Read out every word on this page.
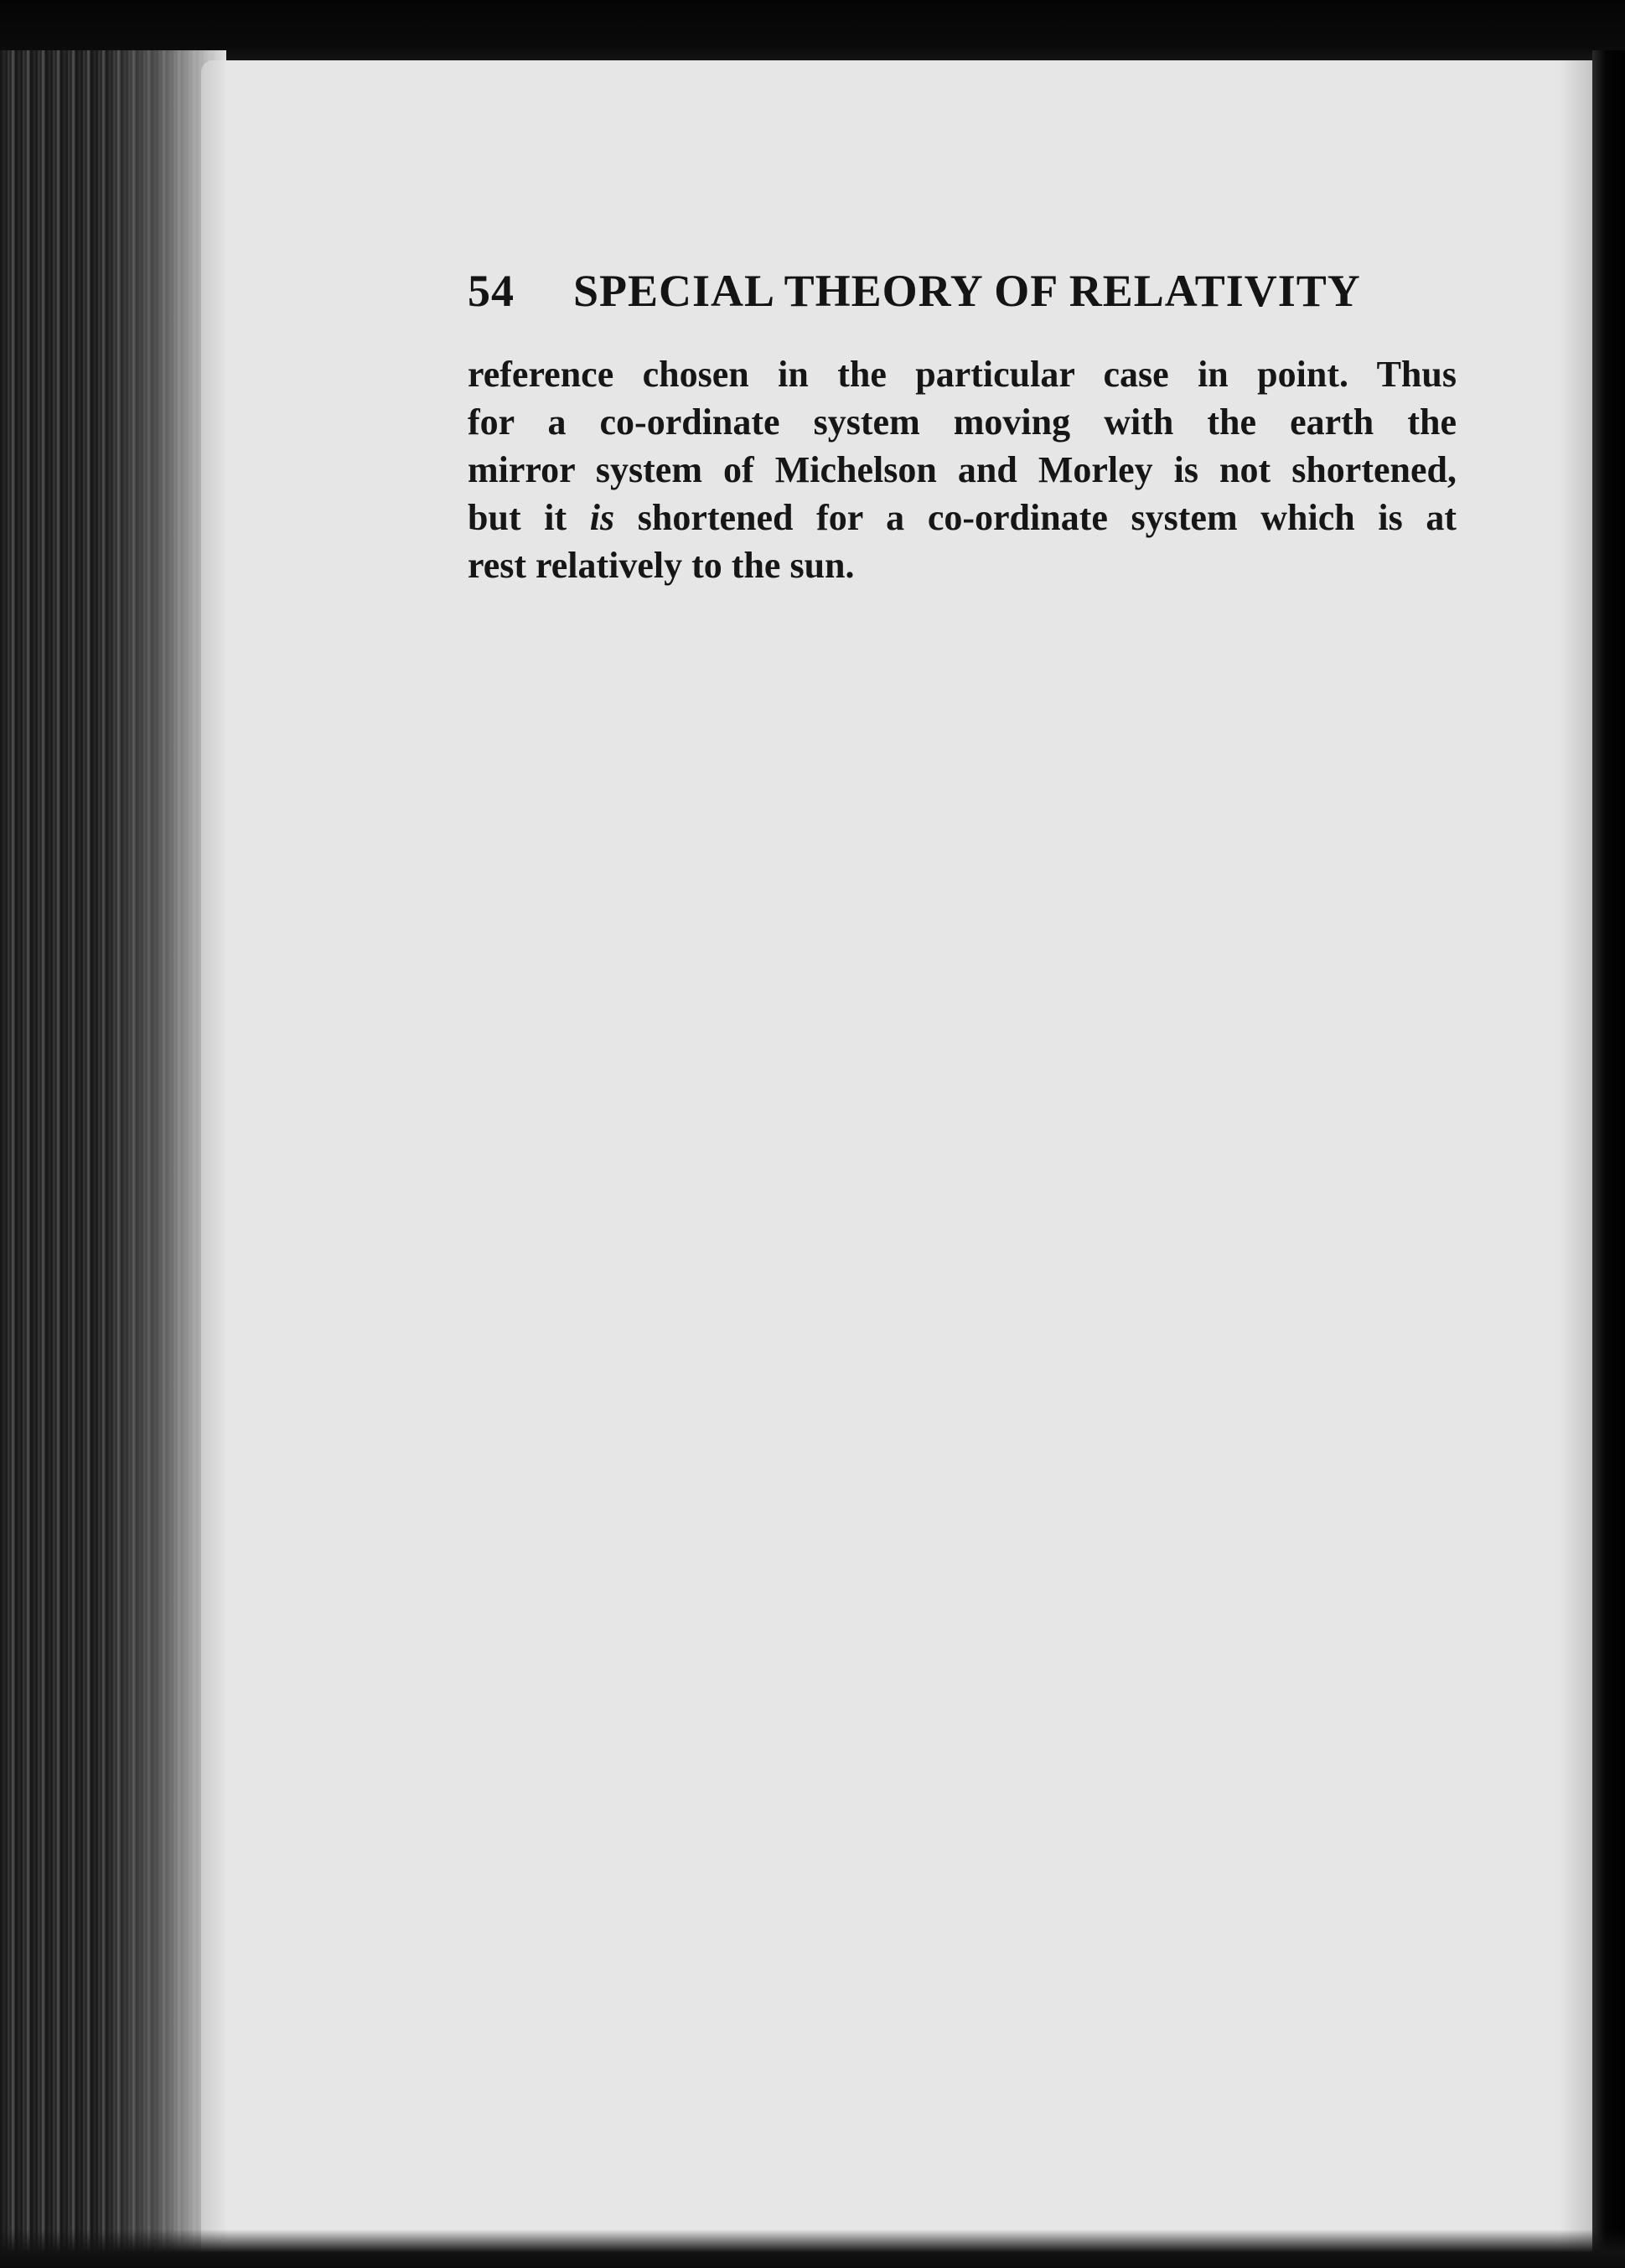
54 SPECIAL THEORY OF RELATIVITY
reference chosen in the particular case in point. Thus
for a co-ordinate system moving with the earth the
mirror system of Michelson and Morley is not shortened,
but it is shortened for a co-ordinate system which is at
rest relatively to the sun.
